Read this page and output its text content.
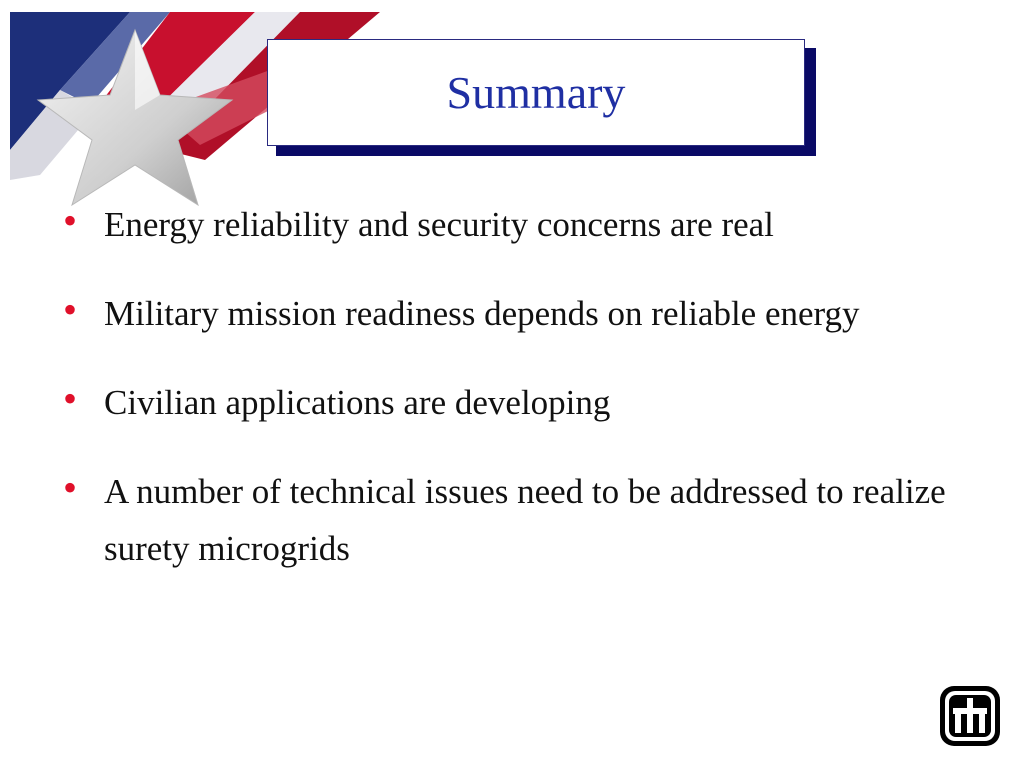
Summary
• Energy reliability and security concerns are real
• Military mission readiness depends on reliable energy
• Civilian applications are developing
• A number of technical issues need to be addressed to realize surety microgrids
